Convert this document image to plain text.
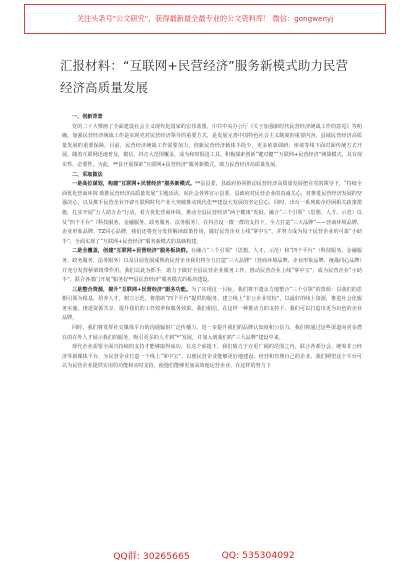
关注头条号"公文研究"，获得最新最全最专业的公文资料库！ 微信：gongwenyj
汇报材料：“互联网+民营经济”服务新模式助力民营经济高质量发展

一、创新背景

党的二十大擘画了全面建设社会主义现代化国家的宏伟蓝图，中共中央办公厅《关于加强新时代民营经济统战工作的意见》等明确，加强民营经济统战工作是实现党对民营经济领导的重要方式，是发展完善中国特色社会主义制度的重要内容。县域民营经济高质量发展的重要保障。目前，民营经济统战工作需要加力，创新民营经济载体手段少，更多依靠调研、座谈等线下面对面传统方式开展。随着互联网迅速普及，微信、抖音大范围覆盖，成为和时俱进工具。积极探索创新“键对键”“互联网+民营经济”统战模式，具有现实性、必要性。为此，**县开展探索“互联网+民营经济”服务新模式，助力民营经济高质量发展。

二、采取做法

一是高位谋划，构建“互联网+民营经济”服务新模式。**县县委、县政府协同推动民营经济高质量发展把在党的领导下，“持续全面优化营商环境 助推民营经济高质量发展”主题活动，向社会各界宣示县委、县政府对民营企业的真诚关心，对推进民营经济发展的坚强决心，以及携手民营企业开辟互联网时代产业大突破推动现代化**建设大发展的坚定信心。同时，出台一系列助企纾困相关政策措施，扎实开展“万人助万企”行动，着力优化营商环境，推动全县民营经济“两个健康”发展。融合“三个引领”（思想、人才、示范）以及“四个平台”（科技服务、金融服务、政务服务、法务服务），在抖音设一微一群的支持下，全力打造“三大品牌”——营商环境品牌、企业形象品牌、TZ同心品牌，我们还将充分发挥解读政策作用，做好民营企业上线“掌中宝”，并努力成为每个民营企业的可靠“小助手”，全面实现了“互联网+民营经济”服务新模式的基础构建。

二是全覆盖，创建“互联网+民营经济”服务板块群。在融合“三个引领”（思想、人才、示范）和“四个平台”（科技服务、金融服务、政务服务、法务服务）以及目前发展成熟的民营企业我们将全力打造“三大品牌”（营商环境品牌、企业形象品牌、统战同心品牌）并充分发挥桥梁纽带作用。我们以此为抓手，助力于做好全县民营企业服务工作，推动民营企业上线“掌中宝”，成为民营企业“小助手”，联合各部门开展“服务好**县民营经济”服务模式的板块建设。

三是整合资源，提升“互联网+民营经济”服务功能。为了实现这一目标，我们将不遗余力地整合“三个引领”的资源：以我们的思想引领为根基，培养人才，树立示范，将借助“四个平台”提供的服务，建立线上“非公企业党校”，以最好的线上资源，推进社会化服务实施，推进资源共享，提升我们的工作效率和服务效果。我们相信，在这样一种推动力的支持下，我们可以打造出更为出色的企业品牌。

同时，我们将发挥社交媒体平台的沟通辐射广泛传播力，进一步提升我们的品牌认知度和公信力。我们将通过这些渠道向更多潜在的在外人才展示我们的服务，吸引更多的人才到“*”发展，并加入到我们的“三大品牌”建设中来。

现代企业需要全面且持续的支持才能够取得成功。在这个前提下，我们致力于在更广阔的范围之内，联合各部分会、统筹非公经济等新媒体平台，为民营企业打造一个线上“掌中宝”，以便民营企业能够更好地建设、经营和管理自己的企业。我们期望这个平台可以为民营企业提供实用的功能和实时支持，使他们能够更加高效地运营企业。在这样的努力下

QQ群: 30265665	QQ: 535304092
